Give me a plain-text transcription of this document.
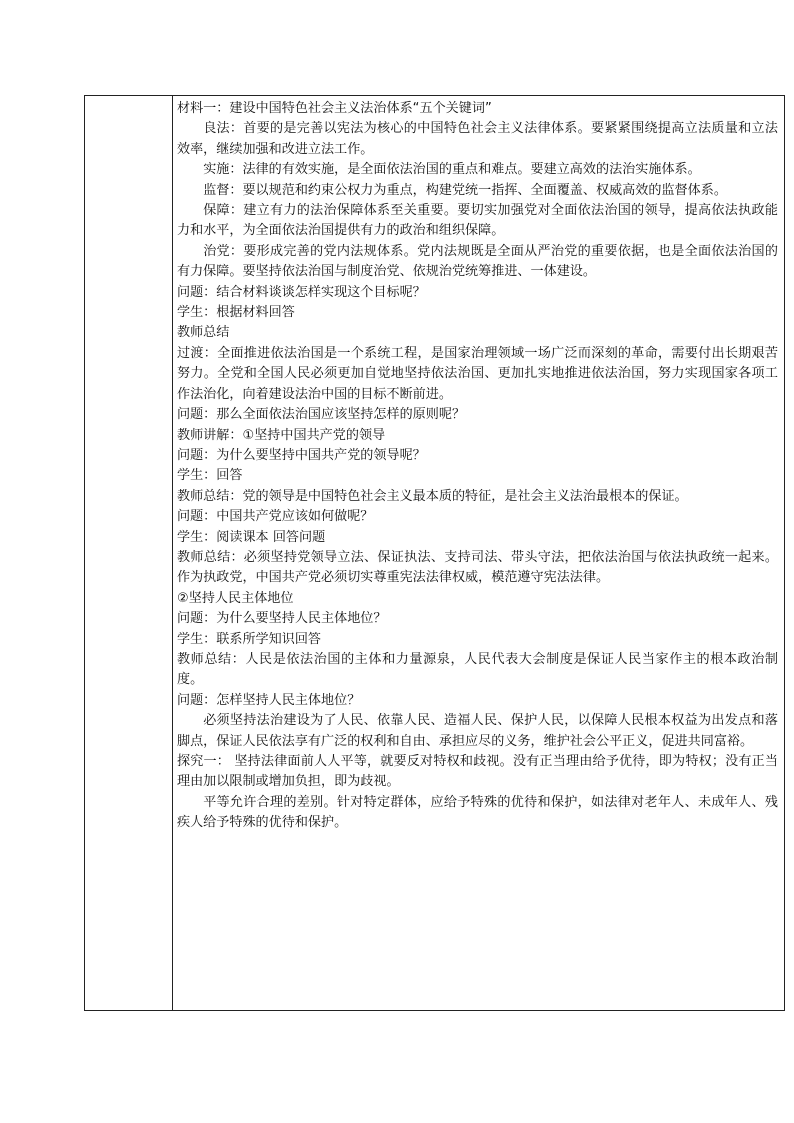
材料一：建设中国特色社会主义法治体系“五个关键词”

良法：首要的是完善以宪法为核心的中国特色社会主义法律体系。要紧紧围绕提高立法质量和立法效率，继续加强和改进立法工作。

实施：法律的有效实施，是全面依法治国的重点和难点。要建立高效的法治实施体系。

监督：要以规范和约束公权力为重点，构建党统一指挥、全面覆盖、权威高效的监督体系。

保障：建立有力的法治保障体系至关重要。要切实加强党对全面依法治国的领导，提高依法执政能力和水平，为全面依法治国提供有力的政治和组织保障。

治党：要形成完善的党内法规体系。党内法规既是全面从严治党的重要依据，也是全面依法治国的有力保障。要坚持依法治国与制度治党、依规治党统筹推进、一体建设。

问题：结合材料谈谈怎样实现这个目标呢？

学生：根据材料回答

教师总结

过渡：全面推进依法治国是一个系统工程，是国家治理领域一场广泛而深刻的革命，需要付出长期艰苦努力。全党和全国人民必须更加自觉地坚持依法治国、更加扎实地推进依法治国，努力实现国家各项工作法治化，向着建设法治中国的目标不断前进。

问题：那么全面依法治国应该坚持怎样的原则呢？

教师讲解：①坚持中国共产党的领导

问题：为什么要坚持中国共产党的领导呢？

学生：回答

教师总结：党的领导是中国特色社会主义最本质的特征，是社会主义法治最根本的保证。

问题：中国共产党应该如何做呢？

学生：阅读课本 回答问题

教师总结：必须坚持党领导立法、保证执法、支持司法、带头守法，把依法治国与依法执政统一起来。作为执政党，中国共产党必须切实尊重宪法法律权威，模范遵守宪法法律。

②坚持人民主体地位

问题：为什么要坚持人民主体地位？

学生：联系所学知识回答

教师总结：人民是依法治国的主体和力量源泉，人民代表大会制度是保证人民当家作主的根本政治制度。

问题：怎样坚持人民主体地位？

必须坚持法治建设为了人民、依靠人民、造福人民、保护人民，以保障人民根本权益为出发点和落脚点，保证人民依法享有广泛的权利和自由、承担应尽的义务，维护社会公平正义，促进共同富裕。

探究一： 坚持法律面前人人平等，就要反对特权和歧视。没有正当理由给予优待，即为特权；没有正当理由加以限制或增加负担，即为歧视。

平等允许合理的差别。针对特定群体，应给予特殊的优待和保护，如法律对老年人、未成年人、残疾人给予特殊的优待和保护。
